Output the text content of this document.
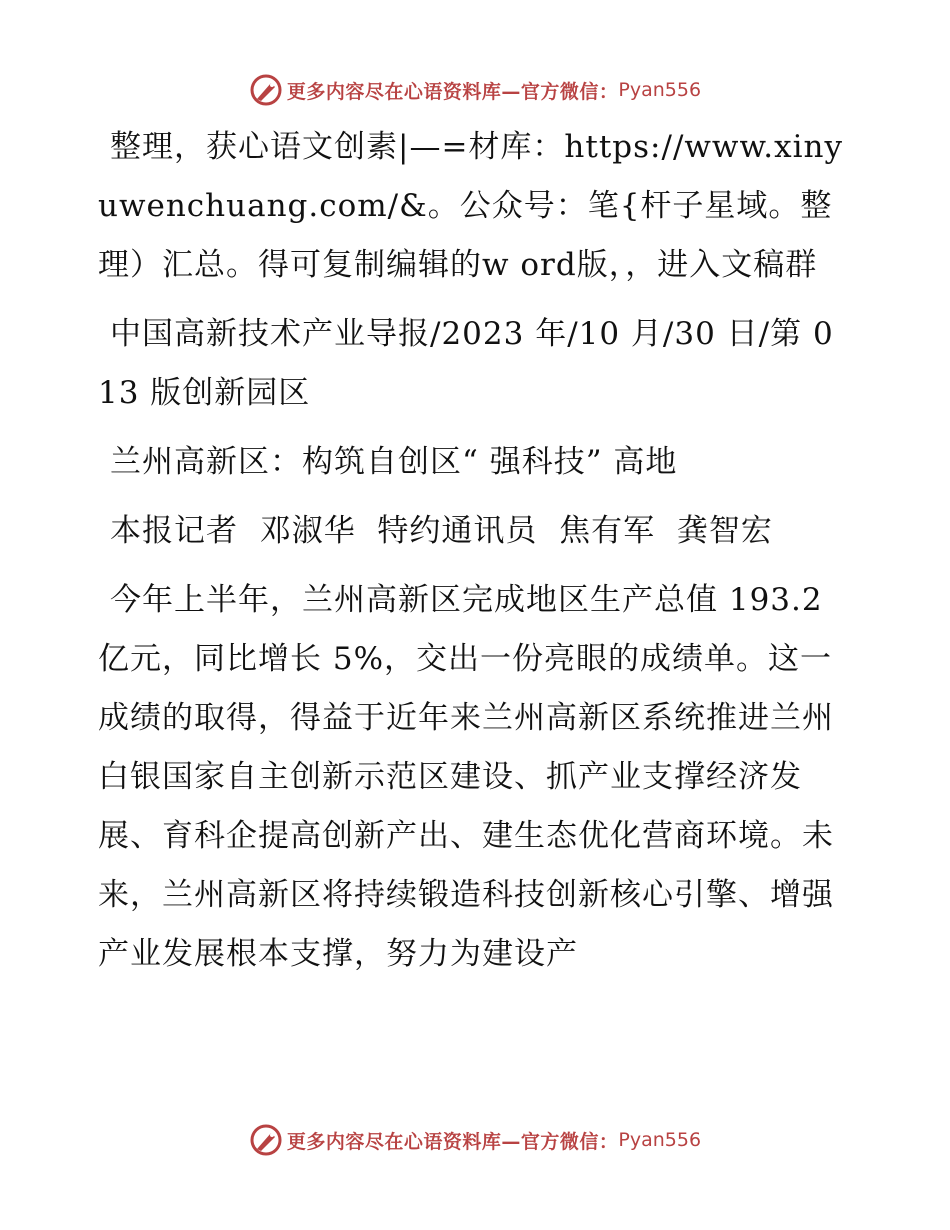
更多内容尽在心语资料库—官方微信： Pyan556

整理，获心语文创素|—=材库：https://www.xinyuwenchuang.com/&。公众号：笔{杆子星域。整理）汇总。得可复制编辑的w ord版，，进入文稿群

中国高新技术产业导报/2023 年/10 月/30 日/第 013 版创新园区

兰州高新区：构筑自创区“ 强科技” 高地

本报记者  邓淑华  特约通讯员  焦有军  龚智宏

今年上半年，兰州高新区完成地区生产总值 193.2 亿元，同比增长 5%，交出一份亮眼的成绩单。这一成绩的取得，得益于近年来兰州高新区系统推进兰州白银国家自主创新示范区建设、抓产业支撑经济发展、育科企提高创新产出、建生态优化营商环境。未来，兰州高新区将持续锻造科技创新核心引擎、增强产业发展根本支撑，努力为建设产

更多内容尽在心语资料库—官方微信： Pyan556
